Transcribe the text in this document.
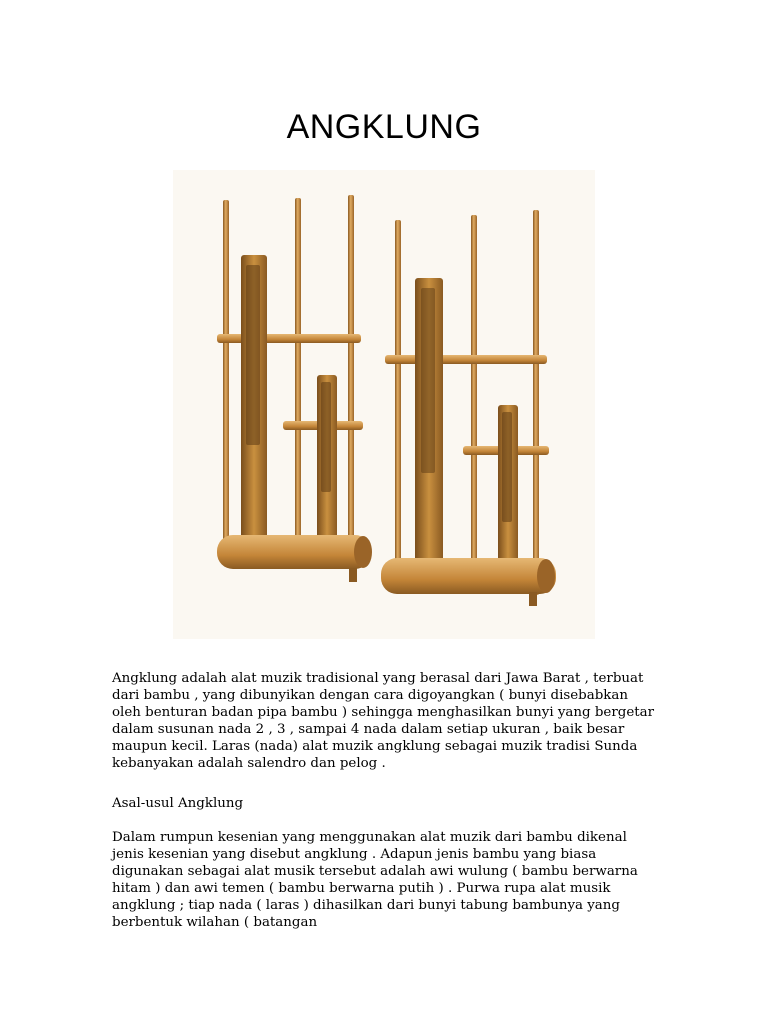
ANGKLUNG

Angklung adalah alat muzik tradisional yang berasal dari Jawa Barat , terbuat dari bambu , yang dibunyikan dengan cara digoyangkan ( bunyi disebabkan oleh benturan badan pipa bambu ) sehingga menghasilkan bunyi yang bergetar dalam susunan nada 2 , 3 , sampai 4 nada dalam setiap ukuran , baik besar maupun kecil. Laras (nada) alat muzik angklung sebagai muzik tradisi Sunda kebanyakan adalah salendro dan pelog .

Asal-usul Angklung

Dalam rumpun kesenian yang menggunakan alat muzik dari bambu dikenal jenis kesenian yang disebut angklung . Adapun jenis bambu yang biasa digunakan sebagai alat musik tersebut adalah awi wulung ( bambu berwarna hitam ) dan awi temen ( bambu berwarna putih ) . Purwa rupa alat musik angklung ; tiap nada ( laras ) dihasilkan dari bunyi tabung bambunya yang berbentuk wilahan ( batangan
